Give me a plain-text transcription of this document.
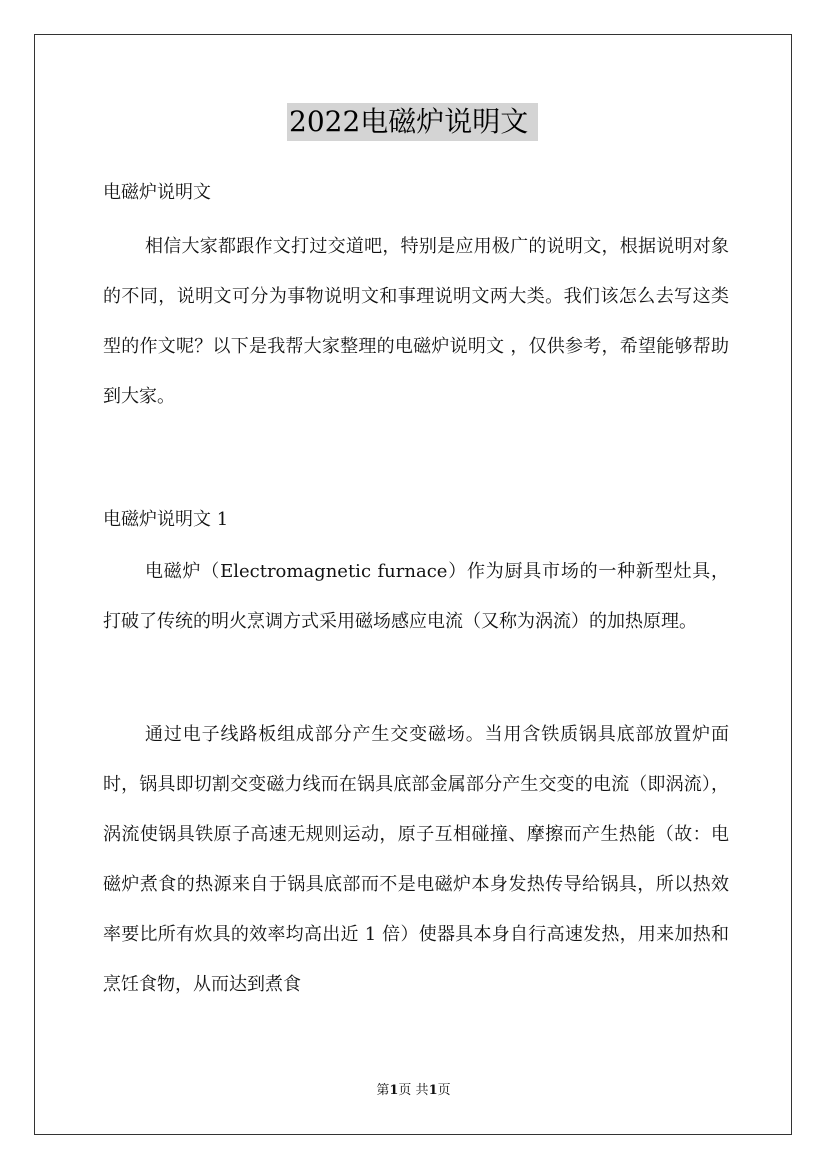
2022电磁炉说明文
电磁炉说明文

相信大家都跟作文打过交道吧，特别是应用极广的说明文，根据说明对象的不同，说明文可分为事物说明文和事理说明文两大类。我们该怎么去写这类型的作文呢？以下是我帮大家整理的电磁炉说明文 ，仅供参考，希望能够帮助到大家。

电磁炉说明文 1

电磁炉（Electromagnetic furnace）作为厨具市场的一种新型灶具，打破了传统的明火烹调方式采用磁场感应电流（又称为涡流）的加热原理。

通过电子线路板组成部分产生交变磁场。当用含铁质锅具底部放置炉面时，锅具即切割交变磁力线而在锅具底部金属部分产生交变的电流（即涡流），涡流使锅具铁原子高速无规则运动，原子互相碰撞、摩擦而产生热能（故：电磁炉煮食的热源来自于锅具底部而不是电磁炉本身发热传导给锅具，所以热效率要比所有炊具的效率均高出近 1 倍）使器具本身自行高速发热，用来加热和烹饪食物，从而达到煮食

第1页 共1页
